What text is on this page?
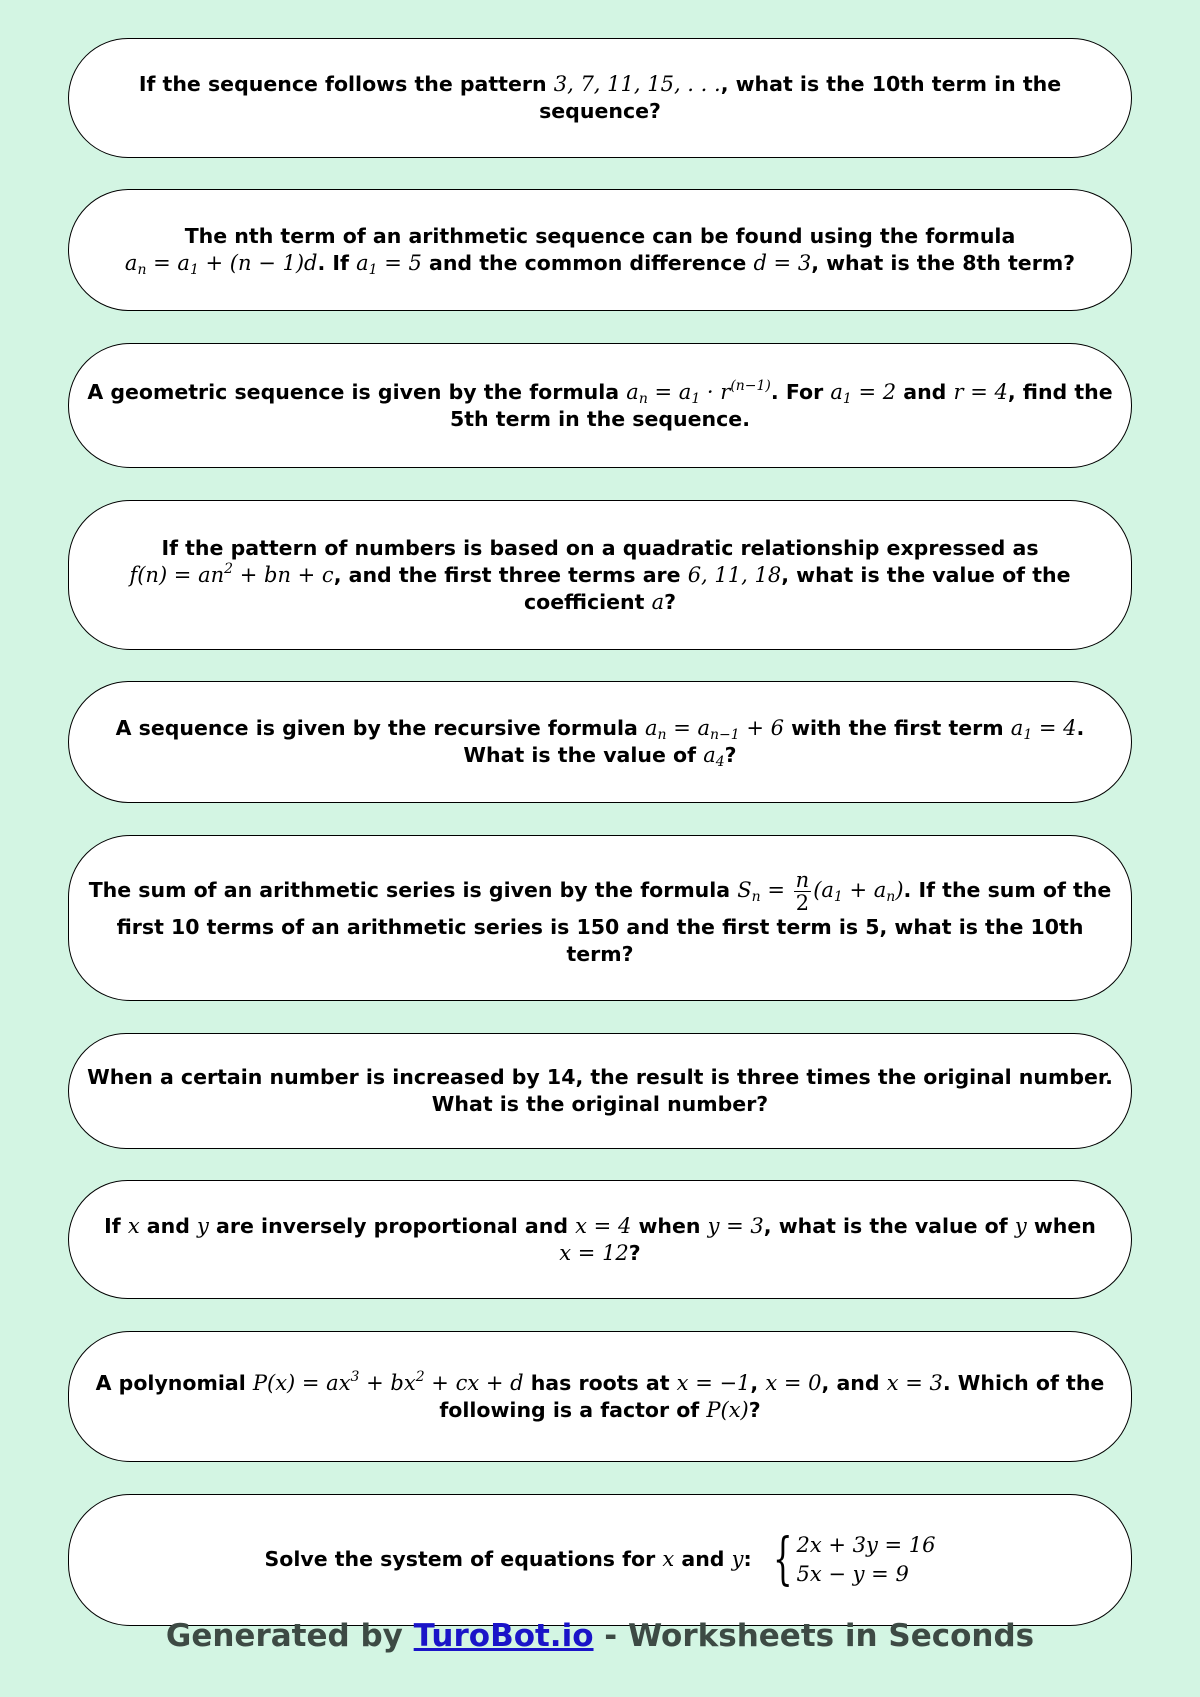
If the sequence follows the pattern 3, 7, 11, 15, . . ., what is the 10th term in the sequence?
The nth term of an arithmetic sequence can be found using the formula
$a_n = a_1 + (n - 1)d$. If $a_1 = 5$ and the common difference d = 3, what is the 8th term?
A geometric sequence is given by the formula $a_n = a_1 \cdot r^{(n-1)}$. For $a_1 = 2$ and r = 4, find the 5th term in the sequence.
If the pattern of numbers is based on a quadratic relationship expressed as
$f(n) = an^2$ + bn + c, and the first three terms are 6, 11, 18, what is the value of the coefficient a?
A sequence is given by the recursive formula $a_n = a_{n-1} + 6$ with the first term $a_1 = 4$. What is the value of $a_4$?
The sum of an arithmetic series is given by the formula $S_n = \frac{n}{2} (a_1 + a_n)$. If the sum of the first 10 terms of an arithmetic series is 150 and the first term is 5, what is the 10th term?
When a certain number is increased by 14, the result is three times the original number. What is the original number?
If x and y are inversely proportional and x = 4 when y = 3, what is the value of y when
x = 12?
A polynomial $P(x) = ax^3 + bx^2$ + cx + d has roots at x = −1, x = 0, and x = 3. Which of the following is a factor of P(x)?
Solve the system of equations for x and y: { 2x + 3y = 16
5x − y = 9
Generated by TuroBot.io - Worksheets in Seconds
